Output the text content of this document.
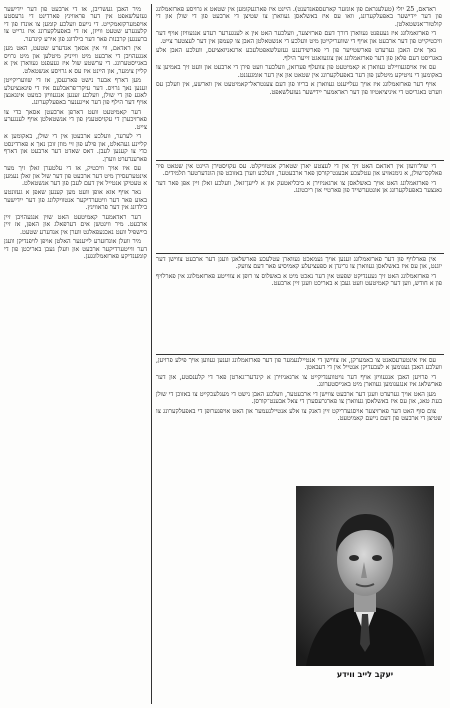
ראדאם, 25 יולי (טעלעגראם פון אונזער קארעספאנדענט). היינט איז פארגעקומען אין שטאט א גרויסע פארזאמלונג פון דער יידישער באפעלקערונג, וואו עס איז באשלאסן געווארן צו שטיצן די ארבעט פון די שולן און די קולטור־אנשטאלטן.

די פארזאמלונג איז געעפנט געווארן דורך דעם פארזיצער, וועלכער האט אין א לענגערער רעדע אנגעוויזן אויף דער וויכטיקייט פון דער ארבעט און אויף די שוועריקייטן מיט וועלכע די אנשטאלטן האבן צו קעמפן אין דער לעצטער צייט.

נאך אים האבן גערעדט פארשטייער פון די פארשידענע געזעלשאפטלעכע ארגאניזאציעס, וועלכע האבן אלע באגריסט דעם פלאן פון דער פארזאמלונג און צוגעזאגט זייער הילף.

עס איז אויסגעוויילט געווארן א קאמיטעט פון צוועלף פערזאן, וועלכער וועט פירן די ארבעט און וועט זיך באמיען צו באקומען די נויטיקע מיטלען פון דער באפעלקערונג אין שטאט און אין דער אומגעגנט.

אויף דער פארזאמלונג איז אויך געלייענט געווארן א בריוו פון דעם צענטראל־קאמיטעט אין ווארשע, אין וועלכן עס ווערט באגריסט די איניציאטיוו פון דער ראדאמער יידישער געזעלשאפט.

די שול־וועזן אין ראדאם האט זיך אין די לעצטע יארן שטארק אנטוויקלט. עס עקזיסטירן היינט אין שטאט פיר פאלקס־שולן, א גימנאזיע און עטלעכע אבענט־קורסן פאר ארבעטער, וועלכע ווערן באזוכט פון הונדערטער תלמידים.

די פארזאמלונג האט אויך באשלאסן צו ארגאניזירן א ביבליאטעק און א לייען־זאל, וועלכע זאלן זיין אפן פאר דער גאנצער באפעלקערונג אן אונטערשייד פון פארטיי און ריכטונג.

אין פארלויף פון דער פארזאמלונג זענען אויך געמאכט געווארן עטלעכע פארשלאגן וועגן דער ארבעט צווישן דער יוגנט, און עס איז באשלאסן געווארן צו גרינדן א ספעציעלע קאמיסיע פאר דעם צוועק.

די פארזאמלונג האט זיך געענדיקט שפעט אין דער נאכט מיט א באשלוס צו רופן א צווייטע פארזאמלונג אין פארלויף פון א חודש, ווען דער קאמיטעט וועט געבן א באריכט וועגן זיין ארבעט.

עס איז אינטערעסאנט צו באמערקן, אז צווישן די אנטיילנעמער פון דער פארזאמלונג זענען געווען אויך פילע פרויען, וועלכע האבן גענומען א לעבעדיקן אנטייל אין די דעבאטן.

די פרויען האבן אנגעוויזן אויף דער נויטווענדיקייט צו ארגאניזירן א קינדער־גארטן פאר די קלענסטע, און דער פארשלאג איז אנגענומען געווארן מיט באגייסטערונג.

מען האט אויך גערעדט וועגן דער ארבעט צווישן די ארבעטער, וועלכע האבן נישט די מעגלעכקייט צו באזוכן די שולן בעת טאג, און עס איז באשלאסן געווארן צו פארגרעסערן די צאל אבענט־קורסן.

צום סוף האט דער פארזיצער אויסגעדריקט זיין דאנק צו אלע אנטיילנעמער און האט אויפגערופן די באפעלקערונג צו שטיצן די ארבעט פון דעם נייעם קאמיטעט.

מיר האבן געשריבן, אז די ארבעט פון דער יידישער געזעלשאפט אין דער פראווינץ פארדינט די גרעסטע אויפמערקזאמקייט. די נייעס וועלכע קומען צו אונדז פון די קלענערע שטעט ווייזן, אז די באפעלקערונג איז גרייט צו ברענגען קרבנות פאר דער בילדונג פון אירע קינדער.

אין ראדאם, ווי אין אסאך אנדערע שטעט, האט מען אנגעהויבן די ארבעט מיט ווייניק מיטלען און מיט גרויס באגייסטערונג. די ערשטע שול איז געעפנט געווארן אין א קליין צימער, און היינט איז עס א גרויסע אנשטאלט.

מען דארף אבער נישט פארגעסן, אז די שוועריקייטן זענען נאך גרויס. דער עיקר־פראבלעם איז די פינאנציעלע לאגע פון די שולן, וועלכע זענען אנגעוויזן כמעט אינגאנצן אויף דער הילף פון דער אייגענער באפעלקערונג.

דער קאמיטעט וועט דארפן ארבעטן אסאך כדי צו פארזיכערן די עקזיסטענץ פון די אנשטאלטן אויף לענגערע צייט.

די לערער, וועלכע ארבעטן אין די שולן, באקומען א קליינע געהאלט, און פילע פון זיי מוזן זוכן נאך א פארדינסט כדי צו קענען לעבן. דאס שאדט דער ארבעט און דארף פארענדערט ווערן.

עס איז אויך וויכטיק, אז די עלטערן זאלן זיך מער אינטערעסירן מיט דער ארבעט פון דער שול און זאלן נעמען א טעטיקן אנטייל אין דעם לעבן פון דער אנשטאלט.

נאר אויף אזא אופן וועט מען קענען שאפן א געזונטע באזע פאר דער וויטערדיקער אנטוויקלונג פון דער יידישער בילדונג אין דער פראווינץ.

דער ראדאמער קאמיטעט האט שוין אנגעהויבן זיין ארבעט. מיר ווינטשן אים דערפאלג און האפן, אז זיין ביישפיל וועט נאכגעפאלגט ווערן אין אנדערע שטעט.

מיר וועלן אונדזערע לייענער האלטן אויפן לויפנדיקן וועגן דער ווייטערדיקער ארבעט און וועלן געבן באריכטן פון די קומענדיקע פארזאמלונגען.

יעקב לייב ווידע
